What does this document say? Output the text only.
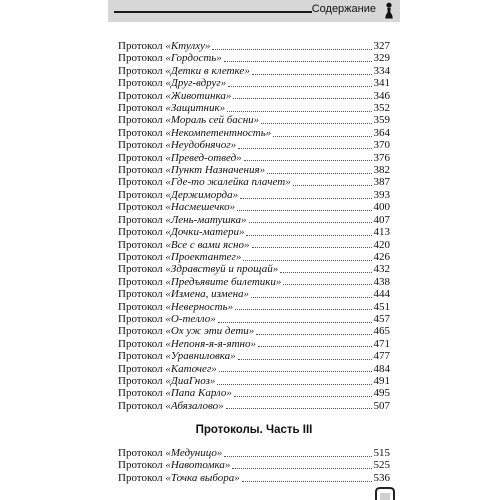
Содержание
Протокол «Ктулху»	327
Протокол «Гордость»	329
Протокол «Детки в клетке»	334
Протокол «Друг-вдруг»	341
Протокол «Животинка»	346
Протокол «Защитник»	352
Протокол «Мораль сей басни»	359
Протокол «Некомпетентность»	364
Протокол «Неудобнячог»	370
Протокол «Превед-отвед»	376
Протокол «Пункт Назначения»	382
Протокол «Где-то жалейка плачет»	387
Протокол «Держиморда»	393
Протокол «Насмешечко»	400
Протокол «Лень-матушка»	407
Протокол «Дочки-матери»	413
Протокол «Все с вами ясно»	420
Протокол «Проектантег»	426
Протокол «Здравствуй и прощай»	432
Протокол «Предъявите билетики»	438
Протокол «Измена, измена»	444
Протокол «Неверность»	451
Протокол «О-телло»	457
Протокол «Ох уж эти дети»	465
Протокол «Непоня-я-я-ятно»	471
Протокол «Уравниловка»	477
Протокол «Каточег»	484
Протокол «ДиаГноз»	491
Протокол «Папа Карло»	495
Протокол «Абязалово»	507
Протоколы. Часть III
Протокол «Медуницо»	515
Протокол «Навотомка»	525
Протокол «Точка выбора»	536
